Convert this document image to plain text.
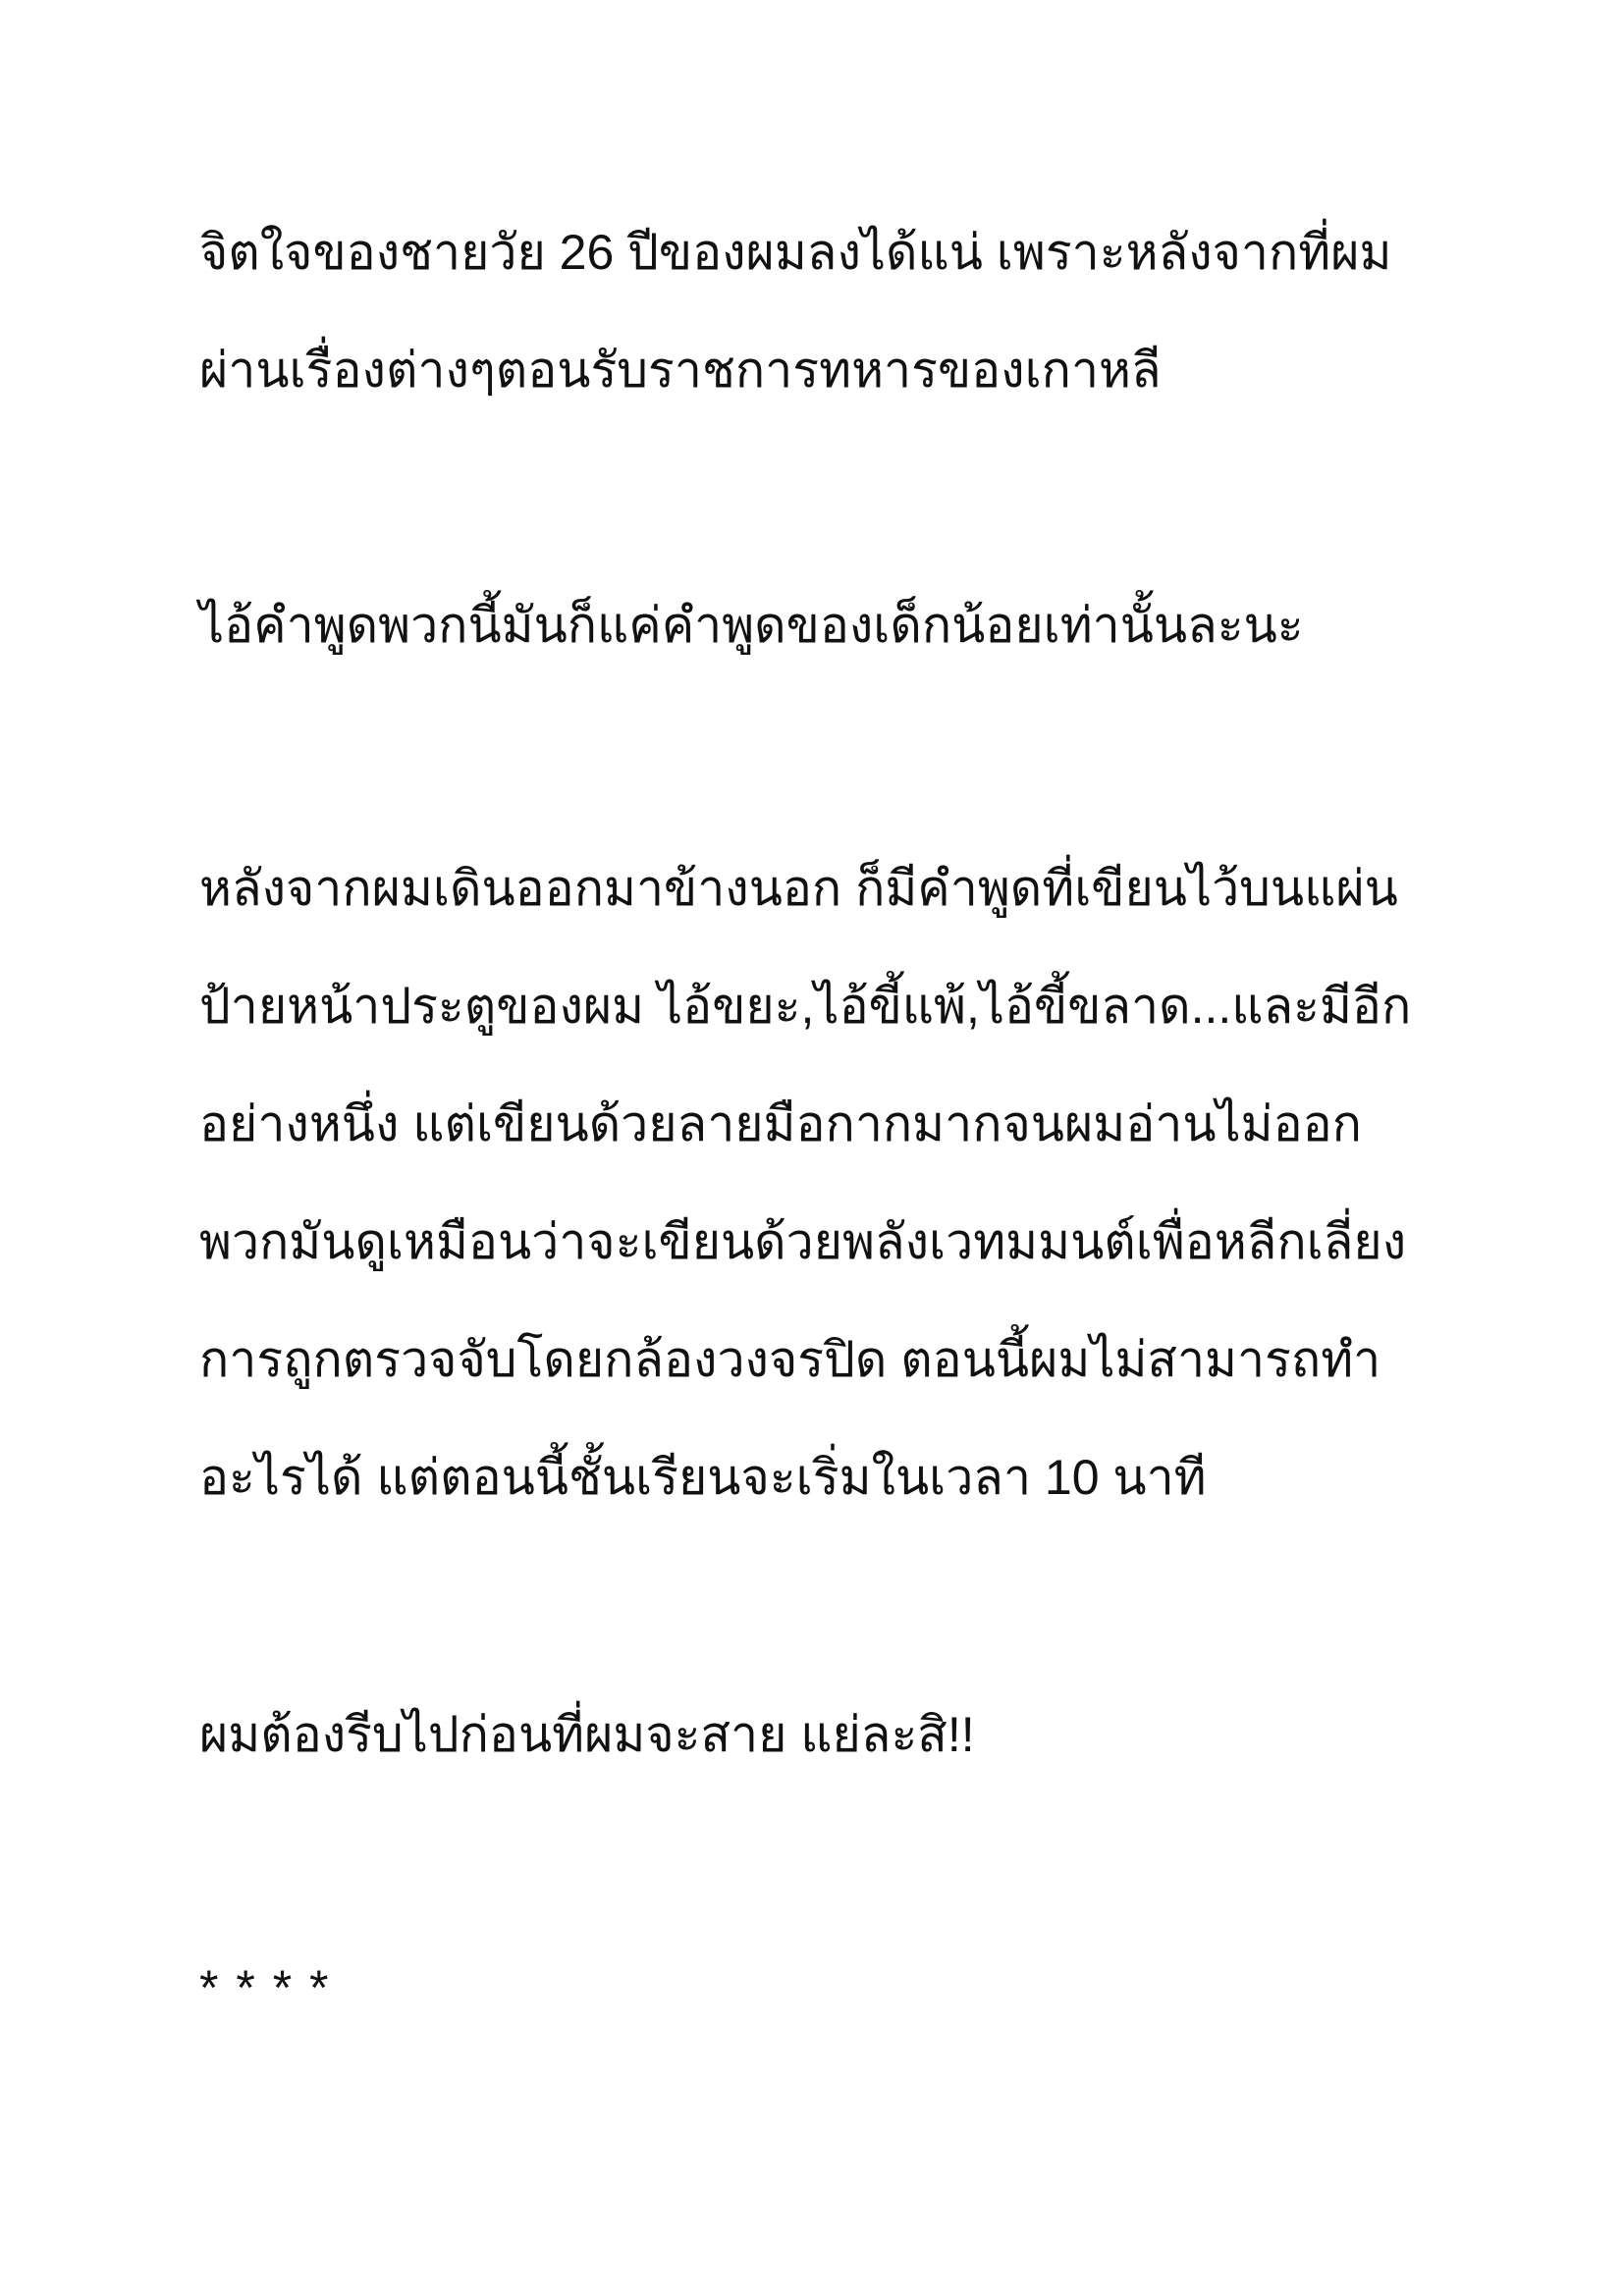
จิตใจของชายวัย 26 ปีของผมลงได้แน่ เพราะหลังจากที่ผม
ผ่านเรื่องต่างๆตอนรับราชการทหารของเกาหลี
ไอ้คำพูดพวกนี้มันก็แค่คำพูดของเด็กน้อยเท่านั้นละนะ
หลังจากผมเดินออกมาข้างนอก ก็มีคำพูดที่เขียนไว้บนแผ่น
ป้ายหน้าประตูของผม ไอ้ขยะ,ไอ้ขี้แพ้,ไอ้ขี้ขลาด...และมีอีก
อย่างหนึ่ง แต่เขียนด้วยลายมือกากมากจนผมอ่านไม่ออก
พวกมันดูเหมือนว่าจะเขียนด้วยพลังเวทมมนต์เพื่อหลีกเลี่ยง
การถูกตรวจจับโดยกล้องวงจรปิด ตอนนี้ผมไม่สามารถทำ
อะไรได้ แต่ตอนนี้ชั้นเรียนจะเริ่มในเวลา 10 นาที
ผมต้องรีบไปก่อนที่ผมจะสาย แย่ละสิ!!
* * * *
